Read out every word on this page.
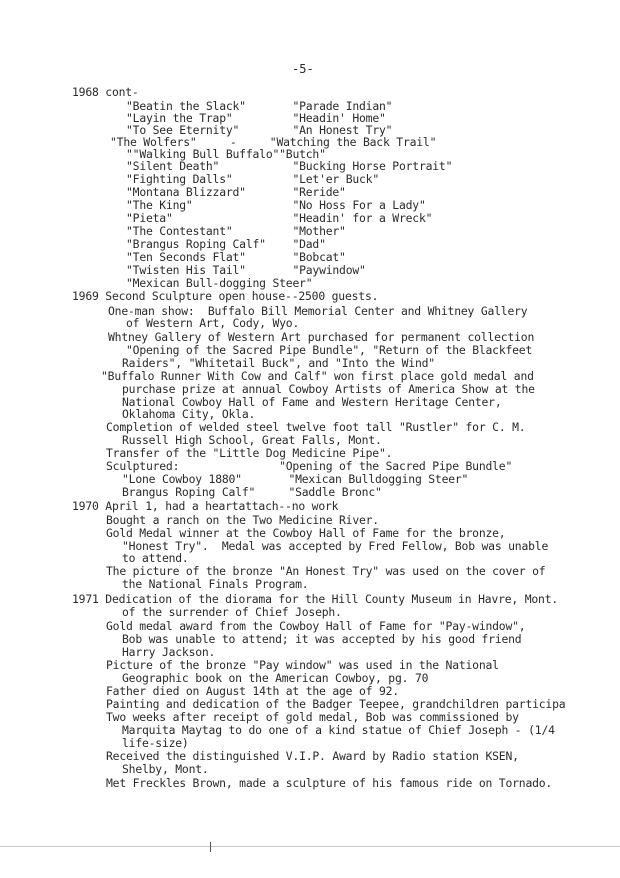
-5-
1968 cont-
"Beatin the Slack"       "Parade Indian"
"Layin the Trap"         "Headin' Home"
"To See Eternity"        "An Honest Try"
"The Wolfers"     -     "Watching the Back Trail"
""Walking Bull Buffalo""Butch"
"Silent Death"           "Bucking Horse Portrait"
"Fighting Dalls"         "Let'er Buck"
"Montana Blizzard"       "Reride"
"The King"               "No Hoss For a Lady"
"Pieta"                  "Headin' for a Wreck"
"The Contestant"         "Mother"
"Brangus Roping Calf"    "Dad"
"Ten Seconds Flat"       "Bobcat"
"Twisten His Tail"       "Paywindow"
"Mexican Bull-dogging Steer"
1969 Second Sculpture open house--2500 guests.
One-man show:  Buffalo Bill Memorial Center and Whitney Gallery
of Western Art, Cody, Wyo.
Whtney Gallery of Western Art purchased for permanent collection
"Opening of the Sacred Pipe Bundle", "Return of the Blackfeet
Raiders", "Whitetail Buck", and "Into the Wind"
"Buffalo Runner With Cow and Calf" won first place gold medal and
purchase prize at annual Cowboy Artists of America Show at the
National Cowboy Hall of Fame and Western Heritage Center,
Oklahoma City, Okla.
Completion of welded steel twelve foot tall "Rustler" for C. M.
Russell High School, Great Falls, Mont.
Transfer of the "Little Dog Medicine Pipe".
Sculptured:               "Opening of the Sacred Pipe Bundle"
"Lone Cowboy 1880"       "Mexican Bulldogging Steer"
Brangus Roping Calf"     "Saddle Bronc"
1970 April 1, had a heartattach--no work
Bought a ranch on the Two Medicine River.
Gold Medal winner at the Cowboy Hall of Fame for the bronze,
"Honest Try".  Medal was accepted by Fred Fellow, Bob was unable
to attend.
The picture of the bronze "An Honest Try" was used on the cover of
the National Finals Program.
1971 Dedication of the diorama for the Hill County Museum in Havre, Mont.
of the surrender of Chief Joseph.
Gold medal award from the Cowboy Hall of Fame for "Pay-window",
Bob was unable to attend; it was accepted by his good friend
Harry Jackson.
Picture of the bronze "Pay window" was used in the National
Geographic book on the American Cowboy, pg. 70
Father died on August 14th at the age of 92.
Painting and dedication of the Badger Teepee, grandchildren participa
Two weeks after receipt of gold medal, Bob was commissioned by
Marquita Maytag to do one of a kind statue of Chief Joseph - (1/4
life-size)
Received the distinguished V.I.P. Award by Radio station KSEN,
Shelby, Mont.
Met Freckles Brown, made a sculpture of his famous ride on Tornado.
